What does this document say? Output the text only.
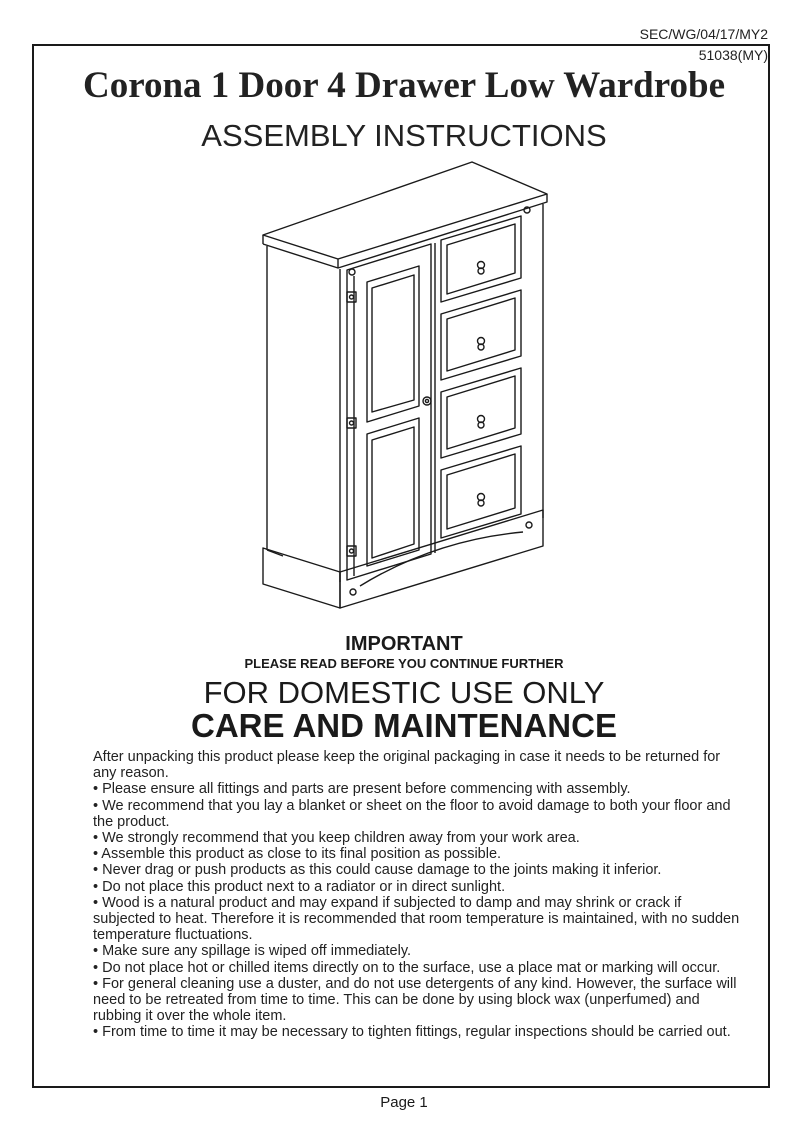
SEC/WG/04/17/MY2
51038(MY)
Corona 1 Door 4 Drawer Low Wardrobe
ASSEMBLY INSTRUCTIONS
IMPORTANT
PLEASE READ BEFORE YOU CONTINUE FURTHER
FOR DOMESTIC USE ONLY
CARE AND MAINTENANCE

After unpacking this product please keep the original packaging in case it needs to be returned for any reason.

• Please ensure all fittings and parts are present before commencing with assembly.

• We recommend that you lay a blanket or sheet on the floor to avoid damage to both your floor and the product.

• We strongly recommend that you keep children away from your work area.

• Assemble this product as close to its final position as possible.

• Never drag or push products as this could cause damage to the joints making it inferior.

• Do not place this product next to a radiator or in direct sunlight.

• Wood is a natural product and may expand if subjected to damp and may shrink or crack if subjected to heat. Therefore it is recommended that room temperature is maintained, with no sudden temperature fluctuations.

• Make sure any spillage is wiped off immediately.

• Do not place hot or chilled items directly on to the surface, use a place mat or marking will occur.

• For general cleaning use a duster, and do not use detergents of any kind. However, the surface will need to be retreated from time to time. This can be done by using block wax (unperfumed) and rubbing it over the whole item.

• From time to time it may be necessary to tighten fittings, regular inspections should be carried out.

Page 1
